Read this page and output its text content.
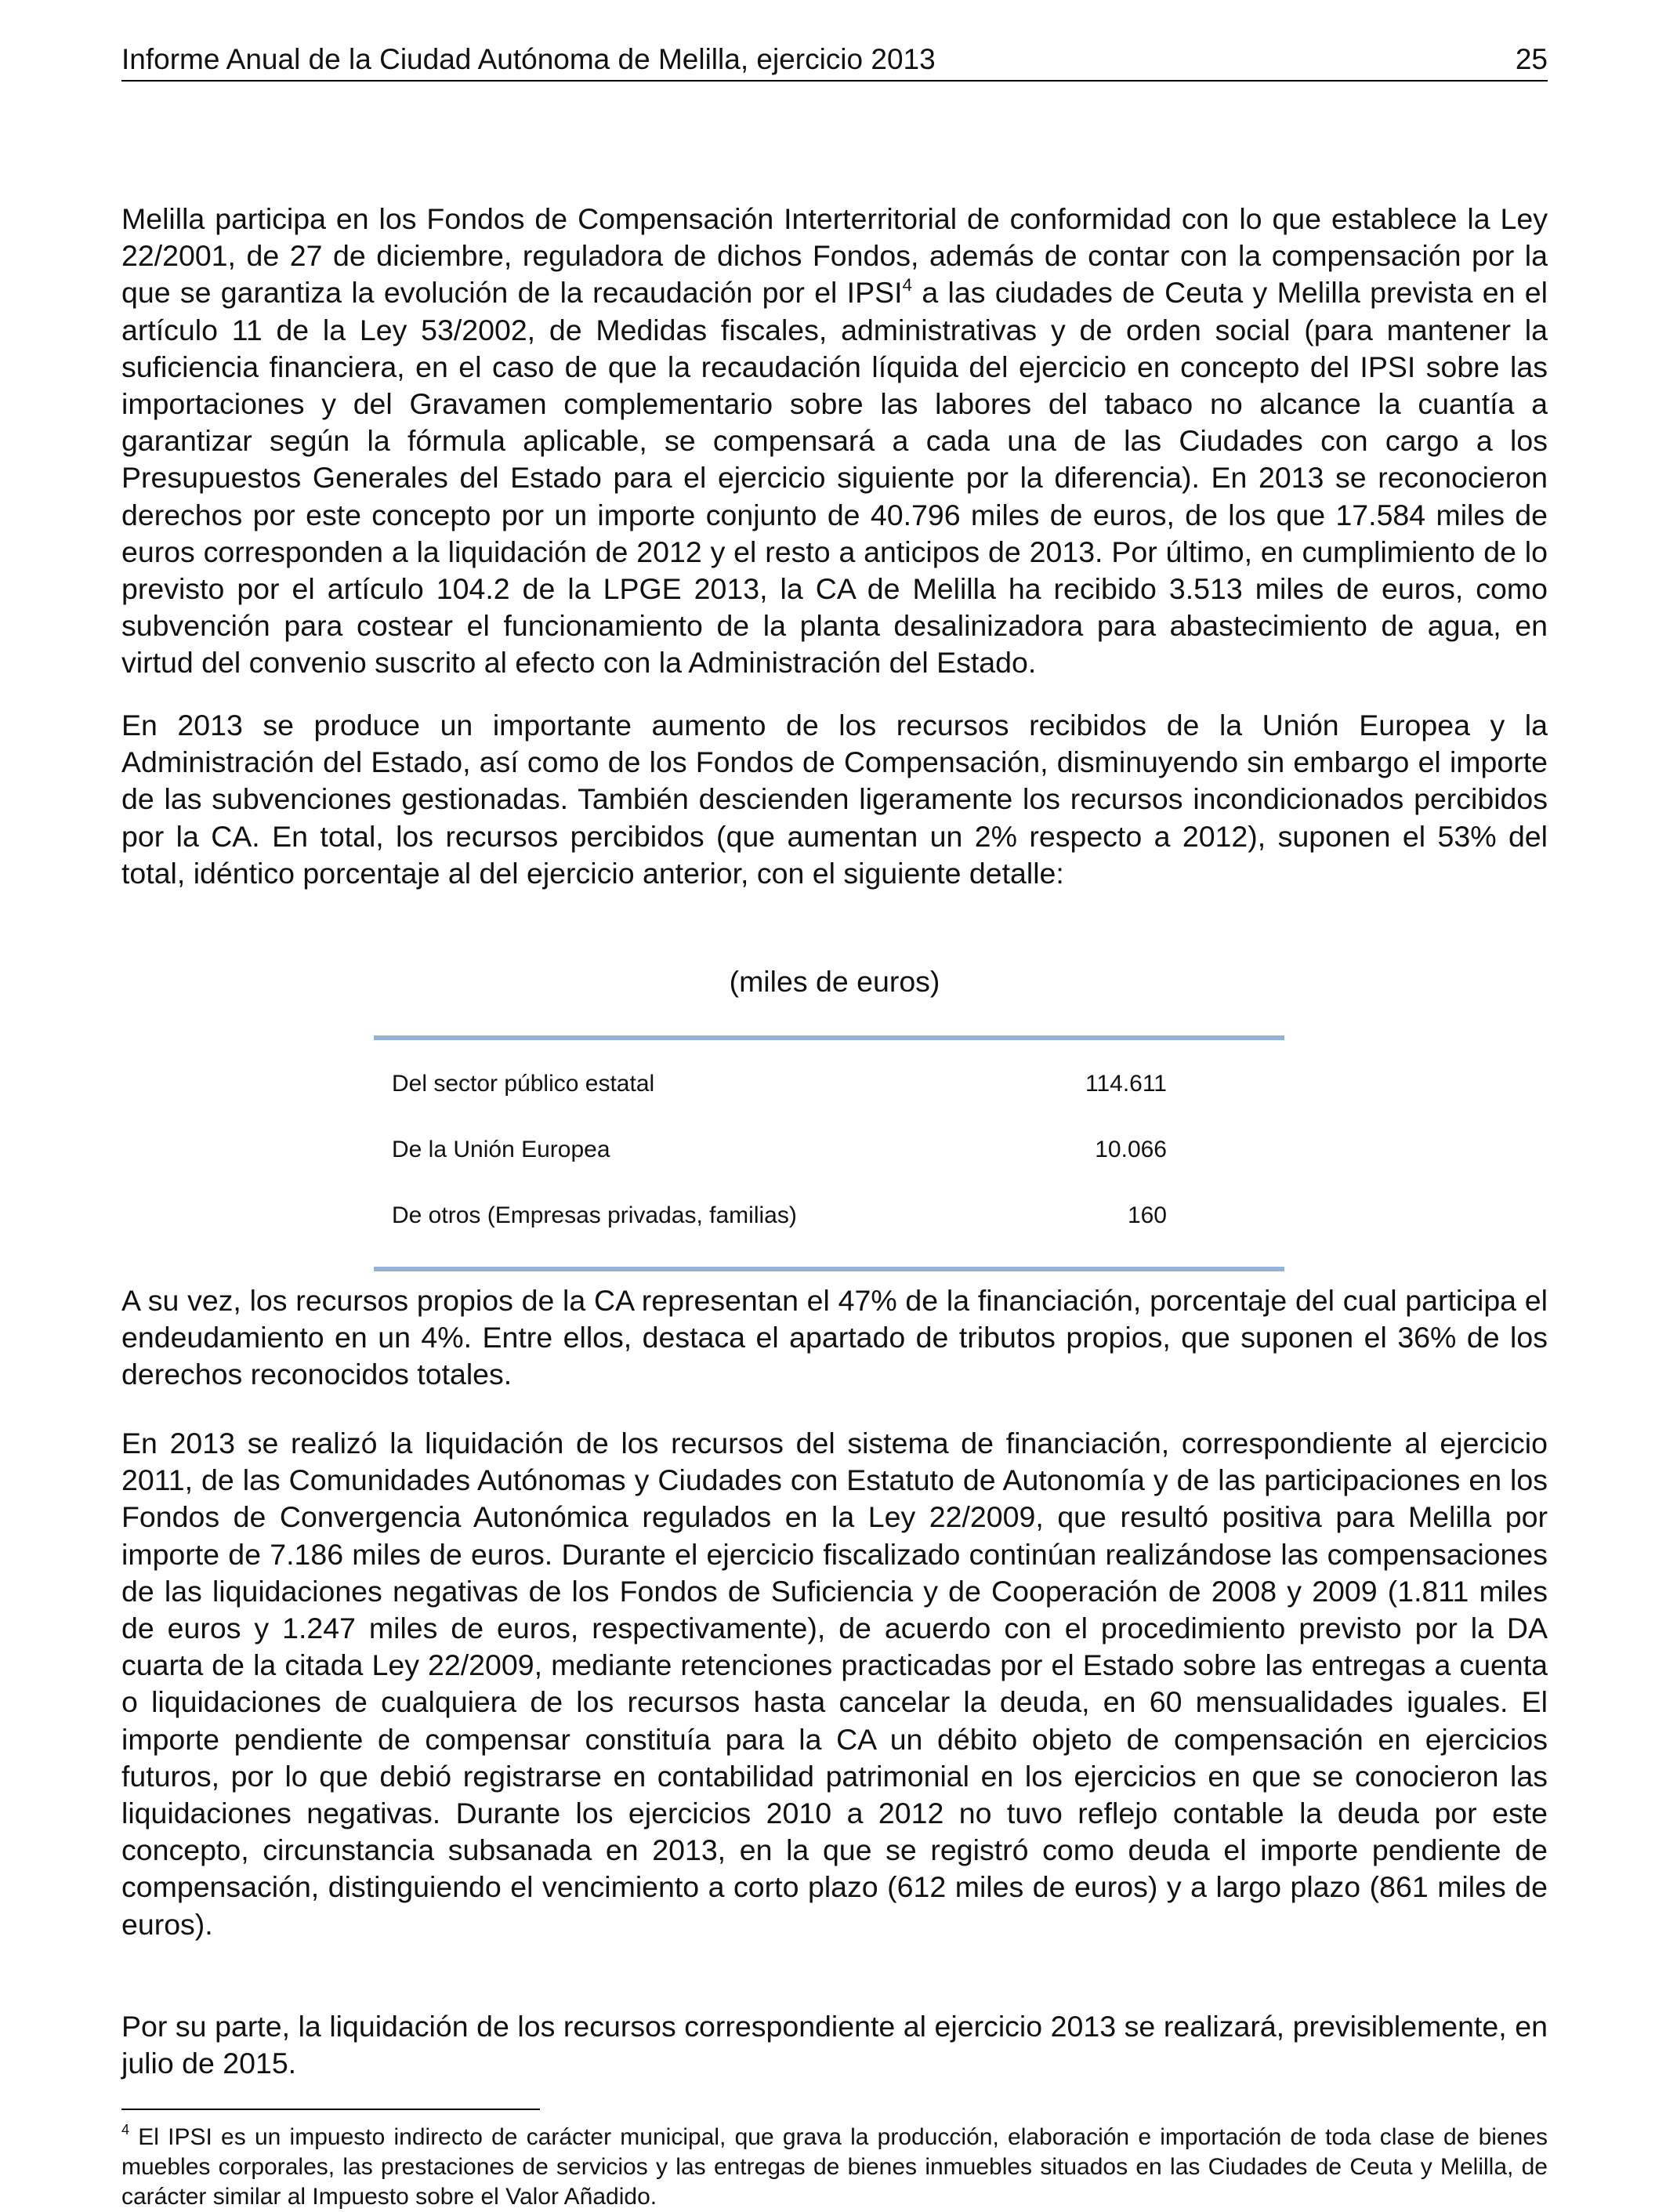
Informe Anual de la Ciudad Autónoma de Melilla, ejercicio 2013	25

Melilla participa en los Fondos de Compensación Interterritorial de conformidad con lo que establece la Ley 22/2001, de 27 de diciembre, reguladora de dichos Fondos, además de contar con la compensación por la que se garantiza la evolución de la recaudación por el IPSI$^4$ a las ciudades de Ceuta y Melilla prevista en el artículo 11 de la Ley 53/2002, de Medidas fiscales, administrativas y de orden social (para mantener la suficiencia financiera, en el caso de que la recaudación líquida del ejercicio en concepto del IPSI sobre las importaciones y del Gravamen complementario sobre las labores del tabaco no alcance la cuantía a garantizar según la fórmula aplicable, se compensará a cada una de las Ciudades con cargo a los Presupuestos Generales del Estado para el ejercicio siguiente por la diferencia). En 2013 se reconocieron derechos por este concepto por un importe conjunto de 40.796 miles de euros, de los que 17.584 miles de euros corresponden a la liquidación de 2012 y el resto a anticipos de 2013. Por último, en cumplimiento de lo previsto por el artículo 104.2 de la LPGE 2013, la CA de Melilla ha recibido 3.513 miles de euros, como subvención para costear el funcionamiento de la planta desalinizadora para abastecimiento de agua, en virtud del convenio suscrito al efecto con la Administración del Estado.

En 2013 se produce un importante aumento de los recursos recibidos de la Unión Europea y la Administración del Estado, así como de los Fondos de Compensación, disminuyendo sin embargo el importe de las subvenciones gestionadas. También descienden ligeramente los recursos incondicionados percibidos por la CA. En total, los recursos percibidos (que aumentan un 2% respecto a 2012), suponen el 53% del total, idéntico porcentaje al del ejercicio anterior, con el siguiente detalle:

(miles de euros)
Del sector público estatal	114.611
De la Unión Europea	10.066
De otros (Empresas privadas, familias)	160

A su vez, los recursos propios de la CA representan el 47% de la financiación, porcentaje del cual participa el endeudamiento en un 4%. Entre ellos, destaca el apartado de tributos propios, que suponen el 36% de los derechos reconocidos totales.

En 2013 se realizó la liquidación de los recursos del sistema de financiación, correspondiente al ejercicio 2011, de las Comunidades Autónomas y Ciudades con Estatuto de Autonomía y de las participaciones en los Fondos de Convergencia Autonómica regulados en la Ley 22/2009, que resultó positiva para Melilla por importe de 7.186 miles de euros. Durante el ejercicio fiscalizado continúan realizándose las compensaciones de las liquidaciones negativas de los Fondos de Suficiencia y de Cooperación de 2008 y 2009 (1.811 miles de euros y 1.247 miles de euros, respectivamente), de acuerdo con el procedimiento previsto por la DA cuarta de la citada Ley 22/2009, mediante retenciones practicadas por el Estado sobre las entregas a cuenta o liquidaciones de cualquiera de los recursos hasta cancelar la deuda, en 60 mensualidades iguales. El importe pendiente de compensar constituía para la CA un débito objeto de compensación en ejercicios futuros, por lo que debió registrarse en contabilidad patrimonial en los ejercicios en que se conocieron las liquidaciones negativas. Durante los ejercicios 2010 a 2012 no tuvo reflejo contable la deuda por este concepto, circunstancia subsanada en 2013, en la que se registró como deuda el importe pendiente de compensación, distinguiendo el vencimiento a corto plazo (612 miles de euros) y a largo plazo (861 miles de euros).

Por su parte, la liquidación de los recursos correspondiente al ejercicio 2013 se realizará, previsiblemente, en julio de 2015.

$^4$ El IPSI es un impuesto indirecto de carácter municipal, que grava la producción, elaboración e importación de toda clase de bienes muebles corporales, las prestaciones de servicios y las entregas de bienes inmuebles situados en las Ciudades de Ceuta y Melilla, de carácter similar al Impuesto sobre el Valor Añadido.
